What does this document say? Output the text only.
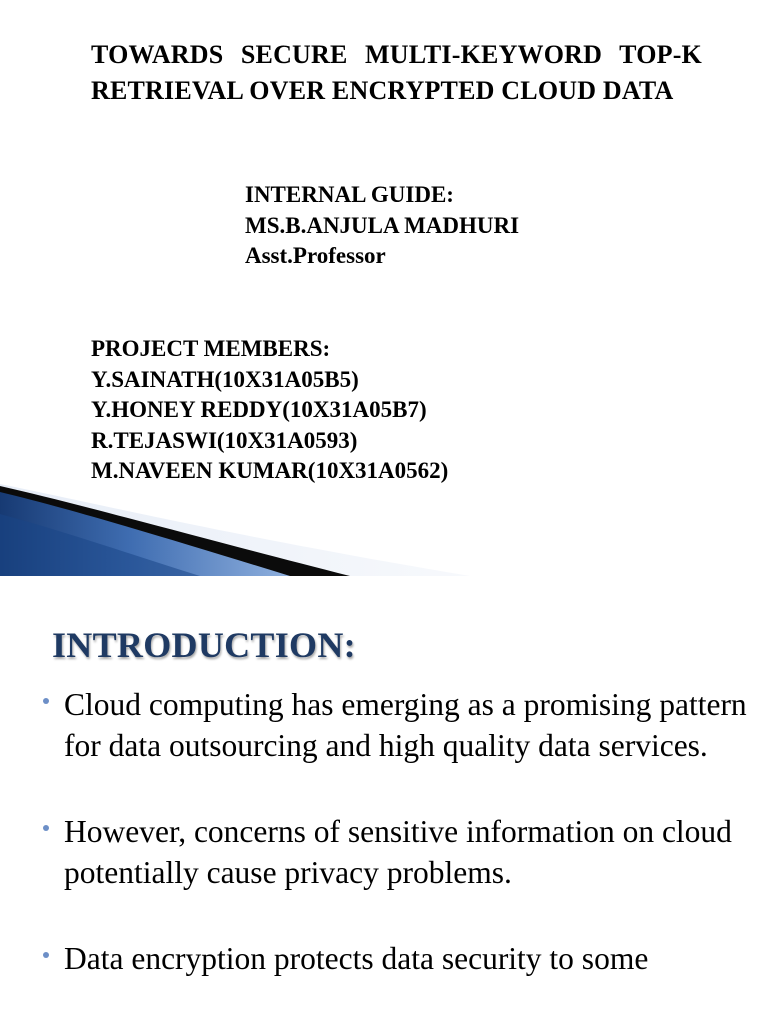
TOWARDS SECURE MULTI-KEYWORD TOP-K RETRIEVAL OVER ENCRYPTED CLOUD DATA
INTERNAL GUIDE:
MS.B.ANJULA MADHURI
Asst.Professor
PROJECT MEMBERS:
Y.SAINATH(10X31A05B5)
Y.HONEY REDDY(10X31A05B7)
R.TEJASWI(10X31A0593)
M.NAVEEN KUMAR(10X31A0562)
INTRODUCTION:
Cloud computing has emerging as a promising pattern for data outsourcing and high quality data services.
However, concerns of sensitive information on cloud potentially cause privacy problems.
Data encryption protects data security to some
